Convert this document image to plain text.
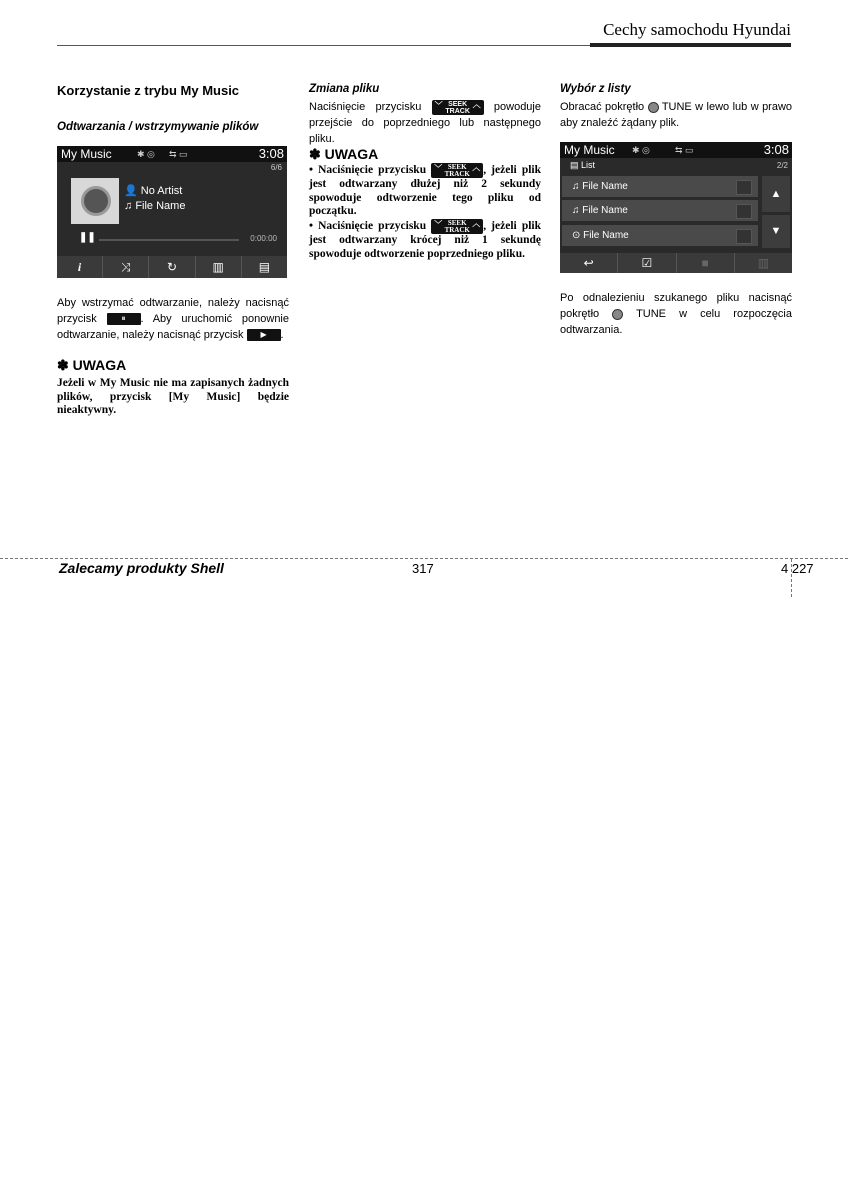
Cechy samochodu Hyundai
Korzystanie z trybu My Music
Odtwarzania / wstrzymywanie plików
My Music	✱ ◎ ⇆ ▭	3:08
6/6
👤 No Artist
♫ File Name
❚❚	0:00:00
i	⤨	↻	▥	▤
Aby wstrzymać odtwarzanie, należy nacisnąć przycisk	⏸ . Aby uruchomić ponownie odtwarzanie, należy nacisnąć przycisk ▶ .
✽ UWAGA
Jeżeli w My Music nie ma zapisanych żadnych plików, przycisk [My Music] będzie nieaktywny.
Zmiana pliku
Naciśnięcie przycisku ﹀ SEEK
TRACK
︿ powoduje przejście do poprzedniego lub następnego pliku.
✽ UWAGA
• Naciśnięcie przycisku ﹀ SEEK
TRACK
︿ , jeżeli plik jest odtwarzany dłużej niż 2 sekundy spowoduje odtworzenie tego pliku od początku.
• Naciśnięcie przycisku ﹀ SEEK
TRACK
︿ , jeżeli plik jest odtwarzany krócej niż 1 sekundę spowoduje odtworzenie poprzedniego pliku.
Wybór z listy
Obracać pokrętło TUNE w lewo lub w prawo aby znaleźć żądany plik.
My Music ✱ ◎	⇆ ▭	3:08
▤ List	2/2
♫ File Name
♫ File Name
⊙ File Name
▲
▼
↩	☑	■	▥
Po odnalezieniu szukanego pliku nacisnąć pokrętło	TUNE w celu rozpoczęcia odtwarzania.
Zalecamy produkty Shell	317	4 227
